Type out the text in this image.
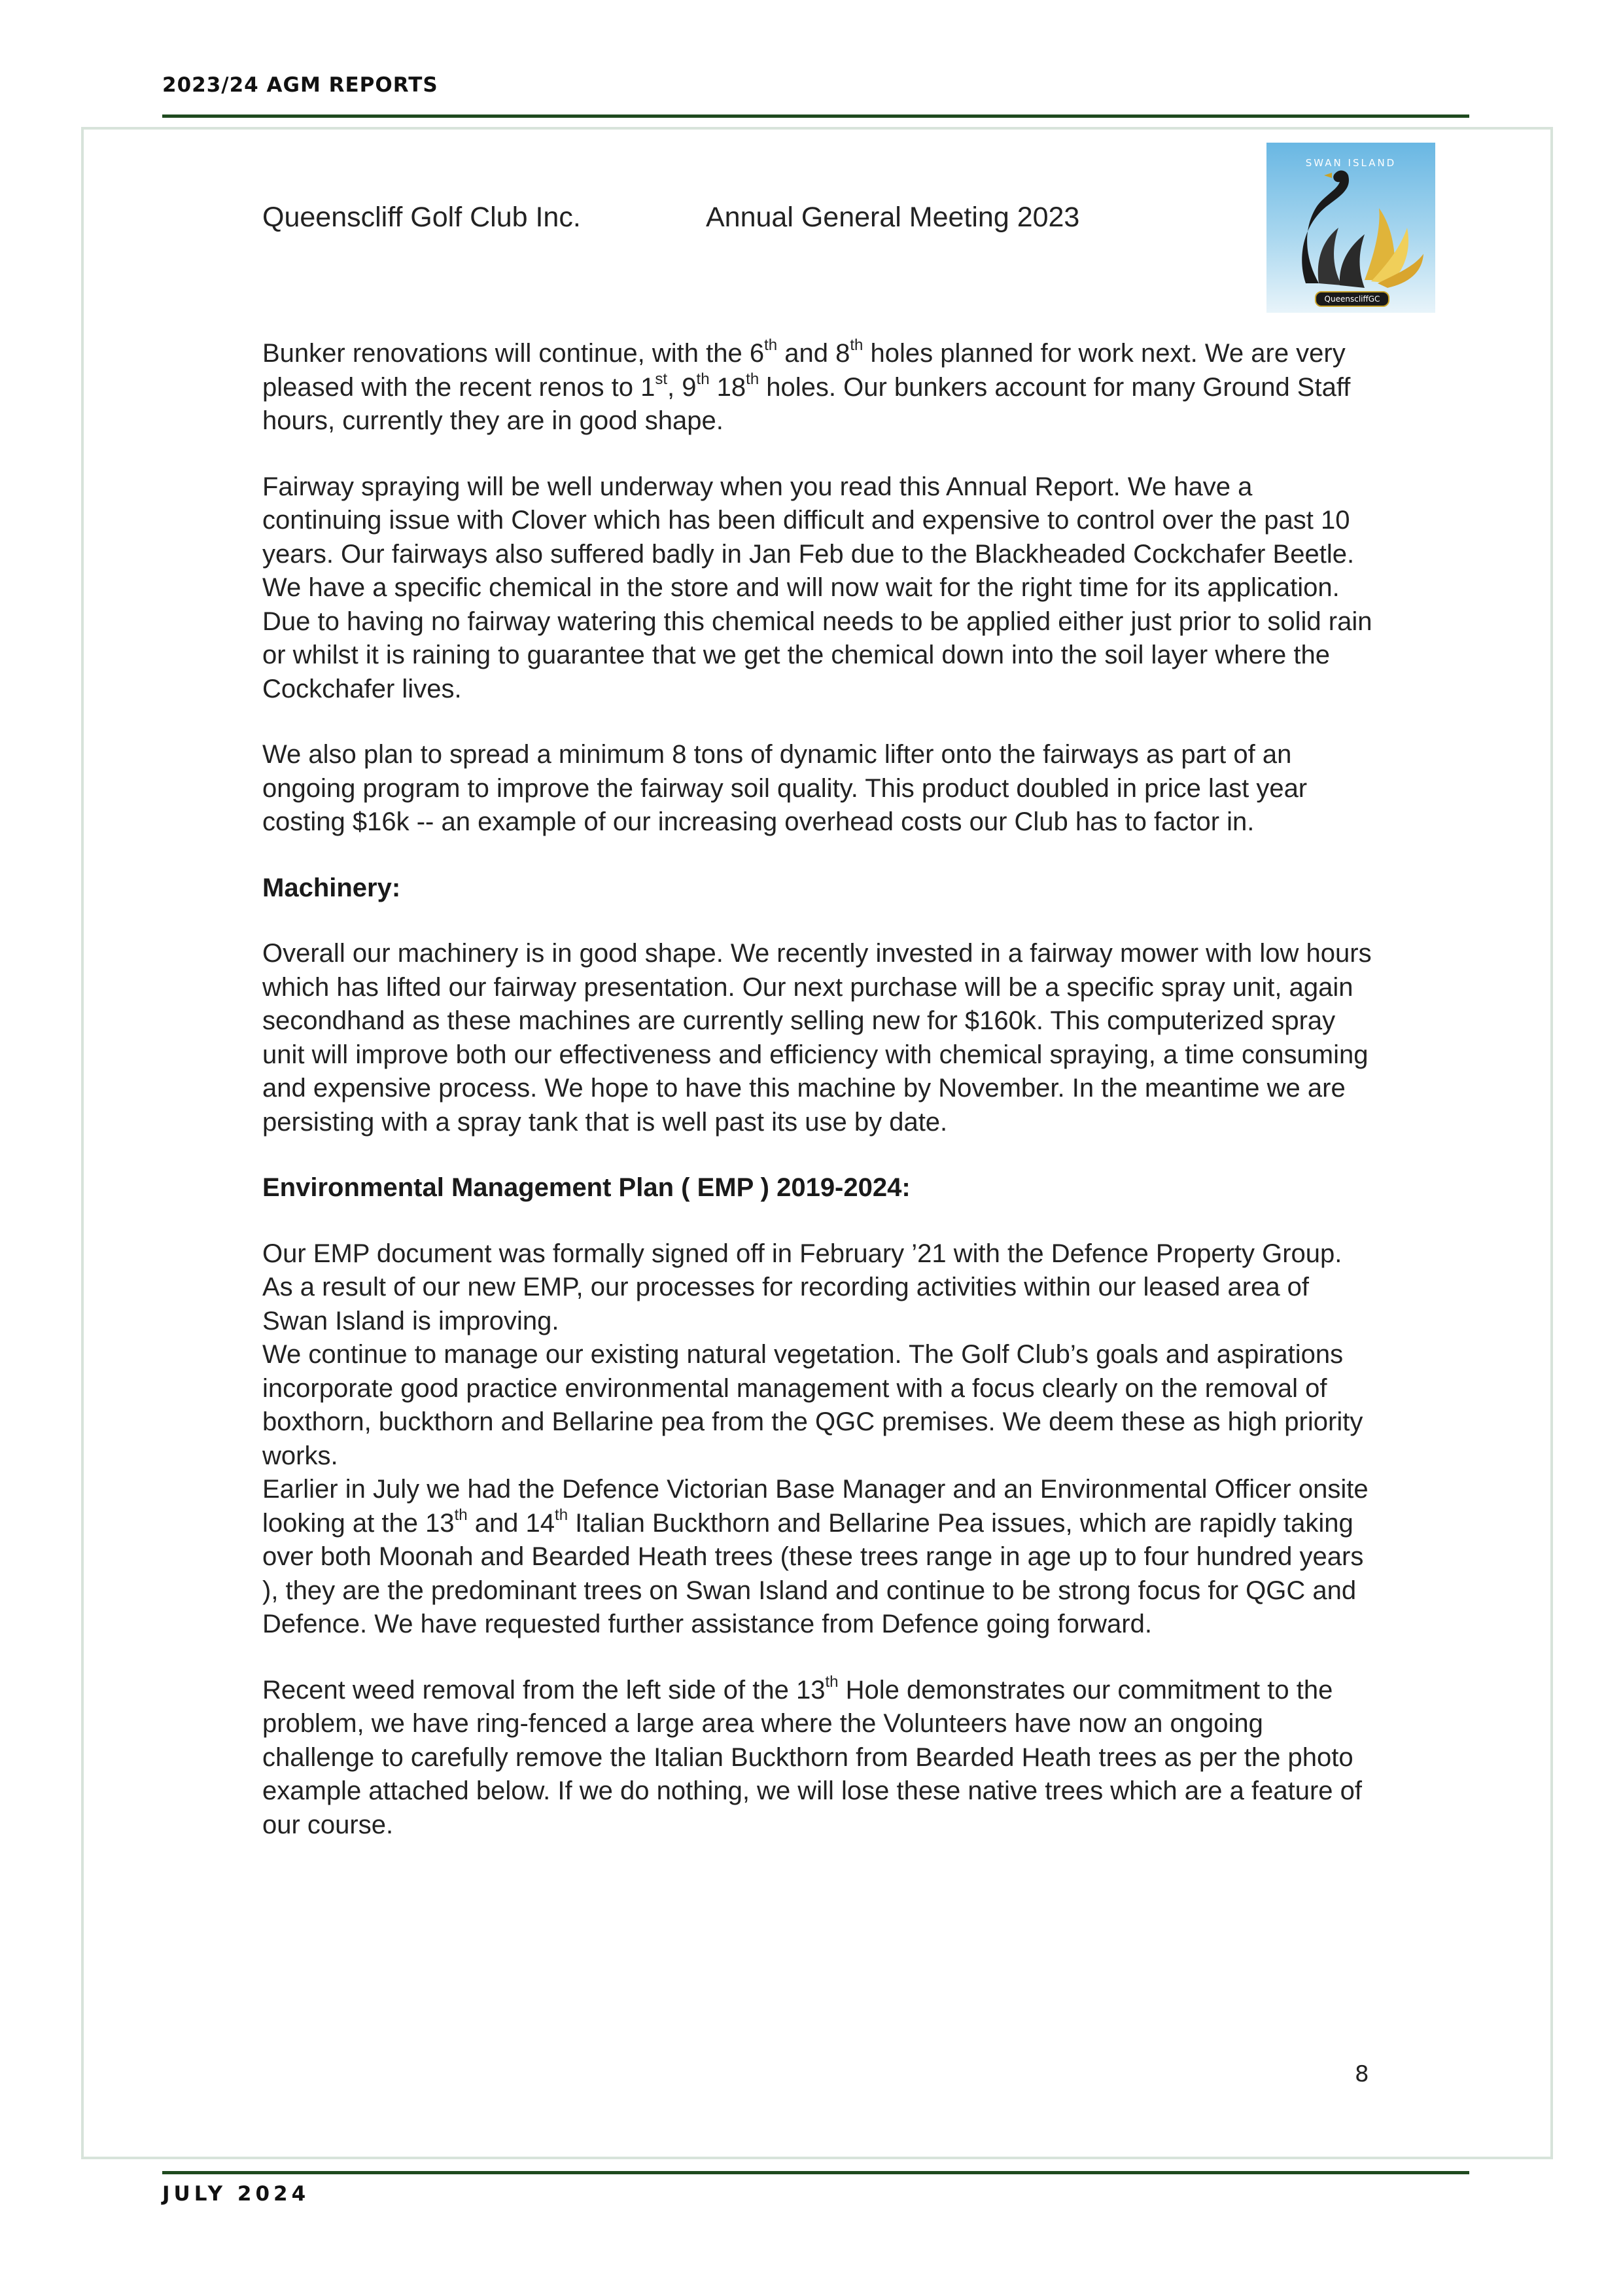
2023/24 AGM REPORTS
Queenscliff Golf Club Inc.	Annual General Meeting 2023
SWAN ISLAND
QueenscliffGC

Bunker renovations will continue, with the 6th and 8th holes planned for work next. We are very pleased with the recent renos to 1st, 9th 18th holes. Our bunkers account for many Ground Staff hours, currently they are in good shape.

Fairway spraying will be well underway when you read this Annual Report. We have a continuing issue with Clover which has been difficult and expensive to control over the past 10 years. Our fairways also suffered badly in Jan Feb due to the Blackheaded Cockchafer Beetle. We have a specific chemical in the store and will now wait for the right time for its application. Due to having no fairway watering this chemical needs to be applied either just prior to solid rain or whilst it is raining to guarantee that we get the chemical down into the soil layer where the Cockchafer lives.

We also plan to spread a minimum 8 tons of dynamic lifter onto the fairways as part of an ongoing program to improve the fairway soil quality. This product doubled in price last year costing $16k -- an example of our increasing overhead costs our Club has to factor in.

Machinery:

Overall our machinery is in good shape. We recently invested in a fairway mower with low hours which has lifted our fairway presentation. Our next purchase will be a specific spray unit, again secondhand as these machines are currently selling new for $160k. This computerized spray unit will improve both our effectiveness and efficiency with chemical spraying, a time consuming and expensive process. We hope to have this machine by November. In the meantime we are persisting with a spray tank that is well past its use by date.

Environmental Management Plan ( EMP ) 2019-2024:

Our EMP document was formally signed off in February ’21 with the Defence Property Group. As a result of our new EMP, our processes for recording activities within our leased area of Swan Island is improving.

We continue to manage our existing natural vegetation. The Golf Club’s goals and aspirations incorporate good practice environmental management with a focus clearly on the removal of boxthorn, buckthorn and Bellarine pea from the QGC premises. We deem these as high priority works.

Earlier in July we had the Defence Victorian Base Manager and an Environmental Officer onsite looking at the 13th and 14th Italian Buckthorn and Bellarine Pea issues, which are rapidly taking over both Moonah and Bearded Heath trees (these trees range in age up to four hundred years ), they are the predominant trees on Swan Island and continue to be strong focus for QGC and Defence. We have requested further assistance from Defence going forward.

Recent weed removal from the left side of the 13th Hole demonstrates our commitment to the problem, we have ring-fenced a large area where the Volunteers have now an ongoing challenge to carefully remove the Italian Buckthorn from Bearded Heath trees as per the photo example attached below. If we do nothing, we will lose these native trees which are a feature of our course.

8
JULY 2024
